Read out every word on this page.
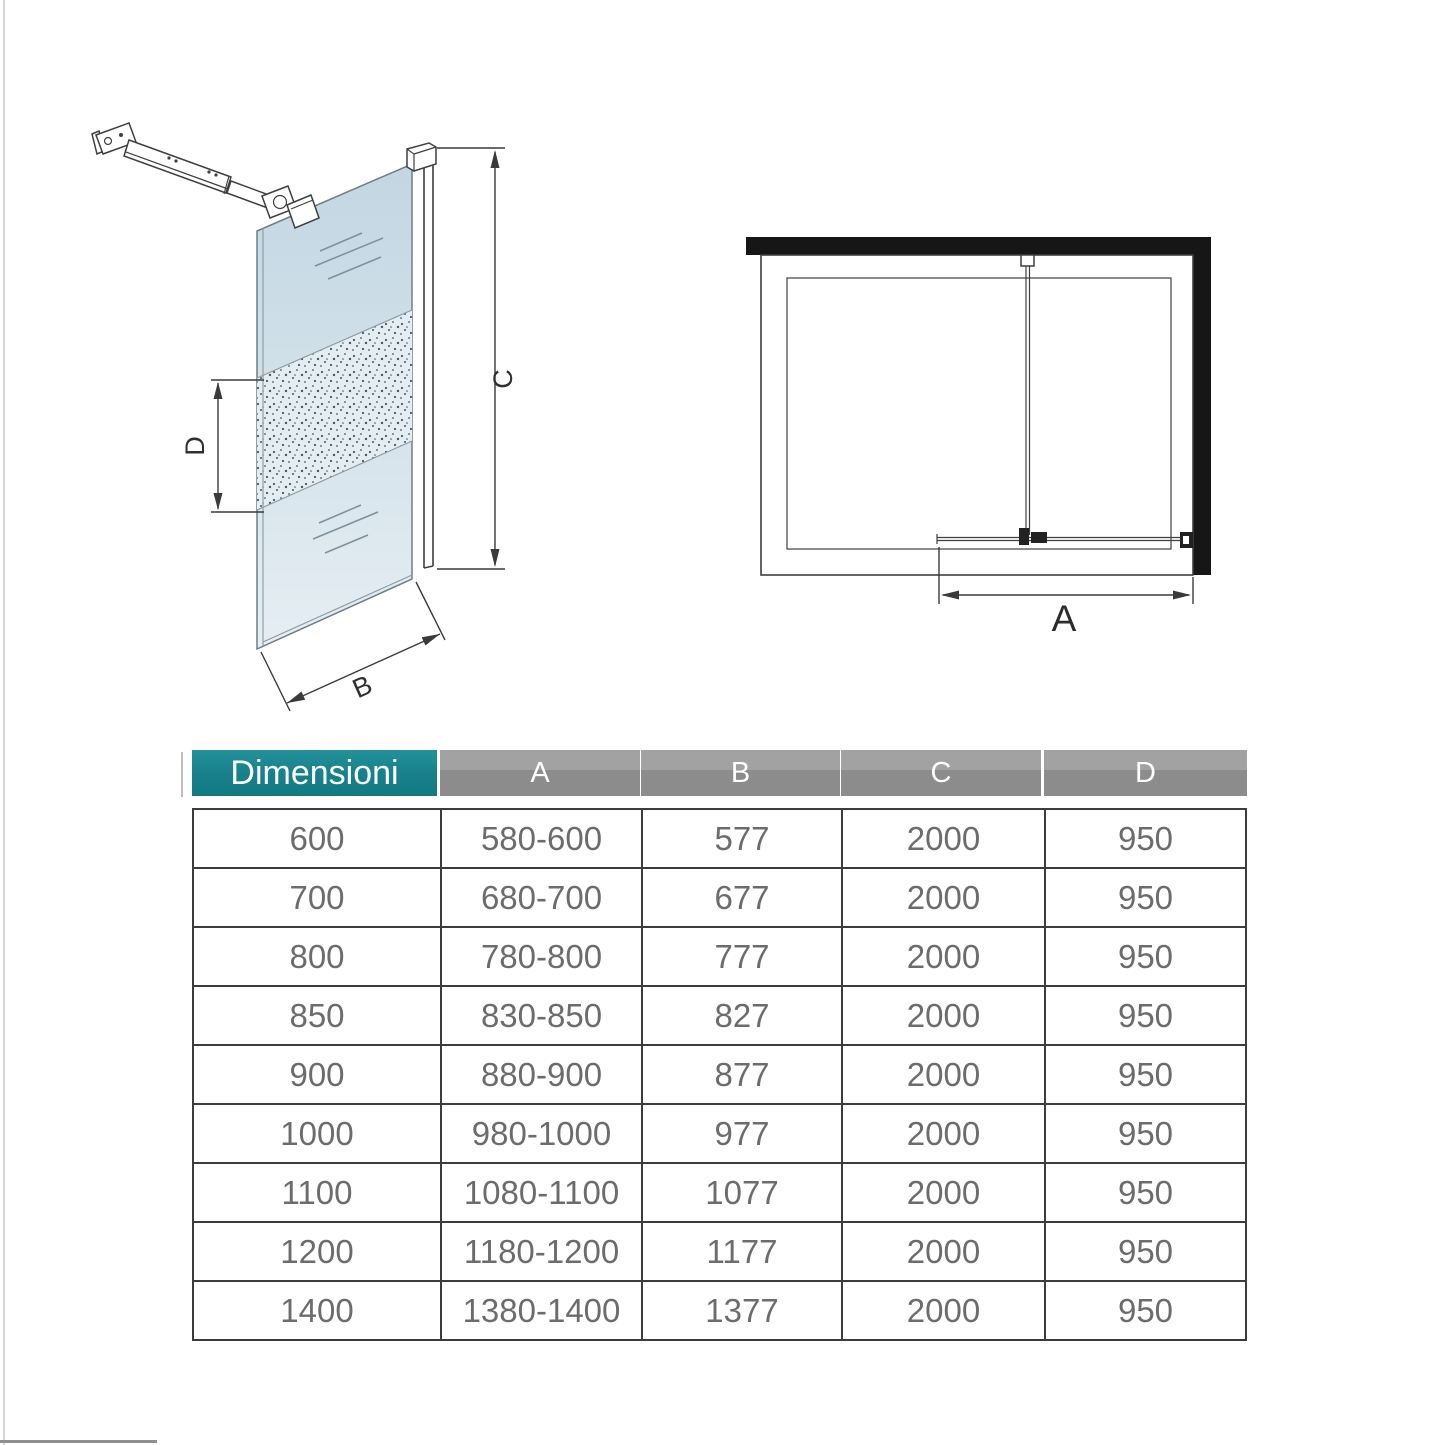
D
C
B
A
Dimensioni	A	B	C	D
600	580-600	577	2000	950
700	680-700	677	2000	950
800	780-800	777	2000	950
850	830-850	827	2000	950
900	880-900	877	2000	950
1000	980-1000	977	2000	950
1100	1080-1100	1077	2000	950
1200	1180-1200	1177	2000	950
1400	1380-1400	1377	2000	950
